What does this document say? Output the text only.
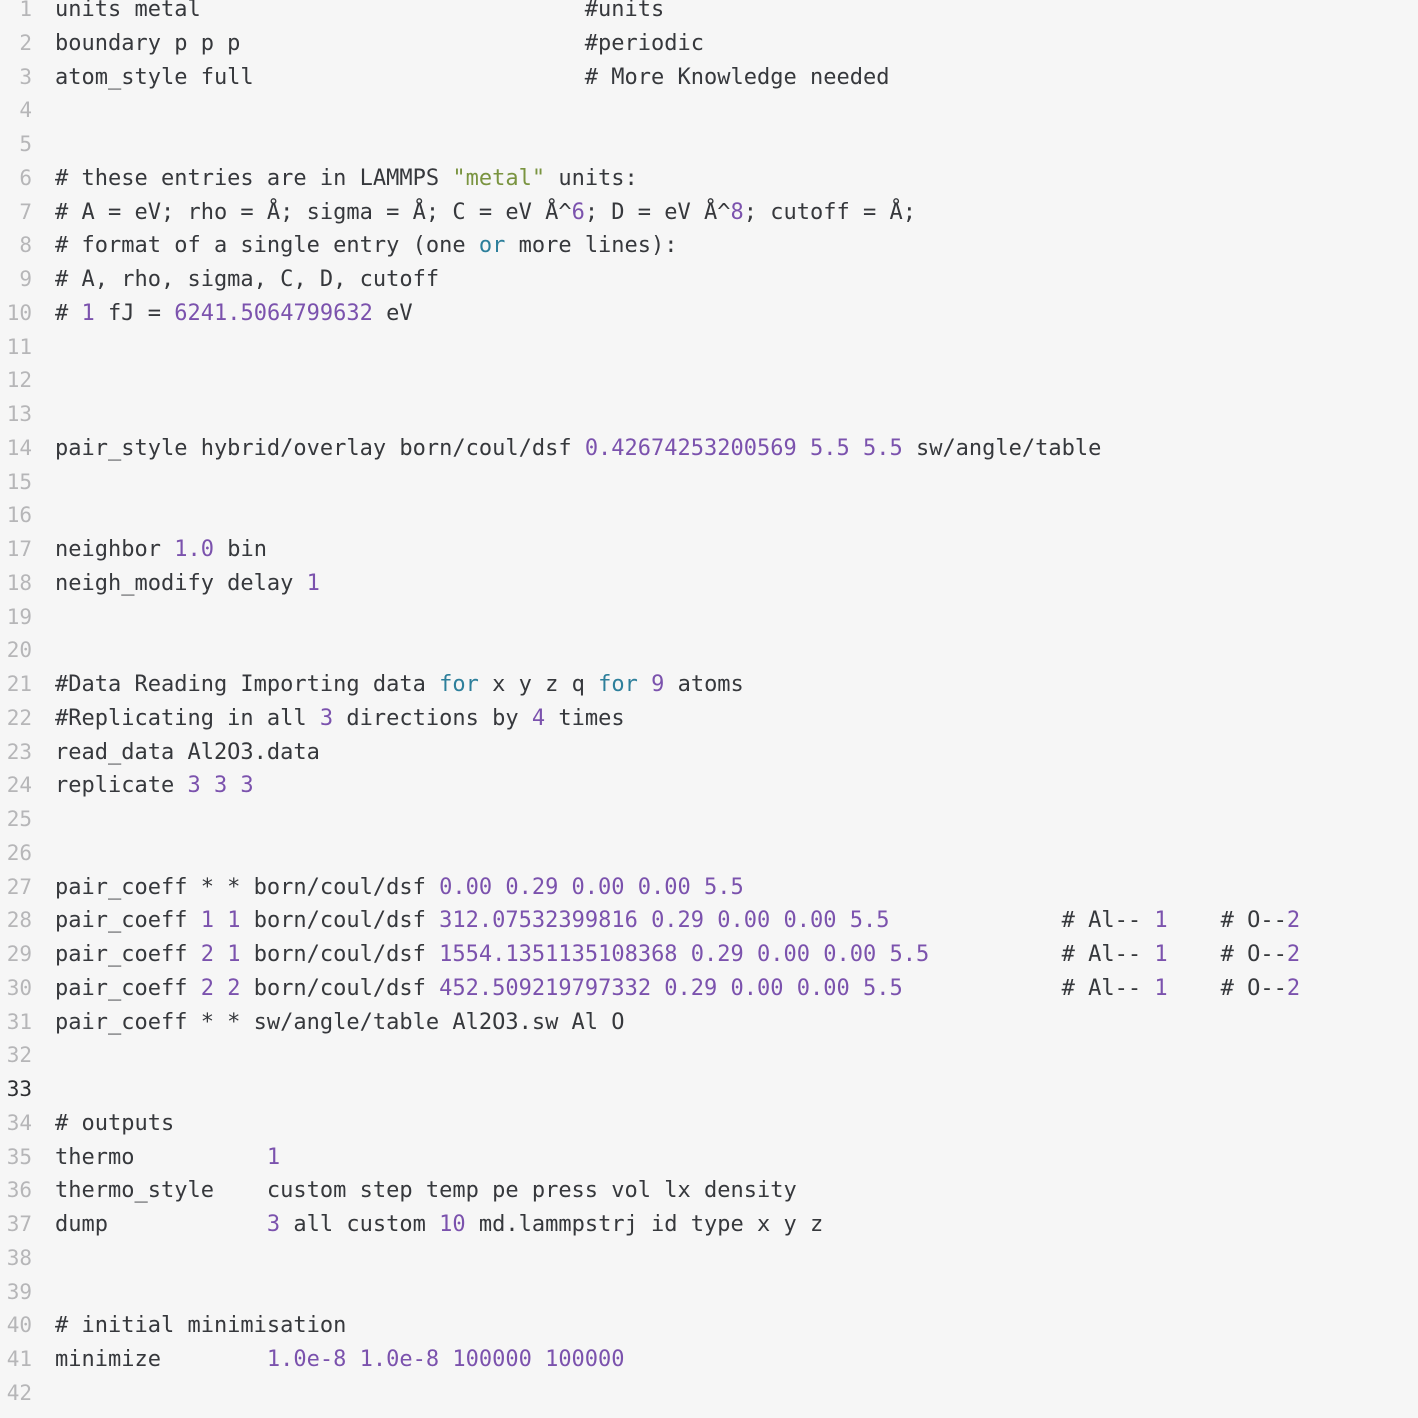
1 units metal                             #units
2 boundary p p p                          #periodic
3 atom_style full                         # More Knowledge needed
4
5
6 # these entries are in LAMMPS "metal" units:
7 # A = eV; rho = Å; sigma = Å; C = eV Å^6; D = eV Å^8; cutoff = Å;
8 # format of a single entry (one or more lines):
9 # A, rho, sigma, C, D, cutoff
10 # 1 fJ = 6241.5064799632 eV
11
12
13
14 pair_style hybrid/overlay born/coul/dsf 0.42674253200569 5.5 5.5 sw/angle/table
15
16
17 neighbor 1.0 bin
18 neigh_modify delay 1
19
20
21 #Data Reading Importing data for x y z q for 9 atoms
22 #Replicating in all 3 directions by 4 times
23 read_data Al2O3.data
24 replicate 3 3 3
25
26
27 pair_coeff * * born/coul/dsf 0.00 0.29 0.00 0.00 5.5
28 pair_coeff 1 1 born/coul/dsf 312.07532399816 0.29 0.00 0.00 5.5             # Al-- 1    # O--2
29 pair_coeff 2 1 born/coul/dsf 1554.1351135108368 0.29 0.00 0.00 5.5          # Al-- 1    # O--2
30 pair_coeff 2 2 born/coul/dsf 452.509219797332 0.29 0.00 0.00 5.5            # Al-- 1    # O--2
31 pair_coeff * * sw/angle/table Al2O3.sw Al O
32
33
34 # outputs
35 thermo          1
36 thermo_style    custom step temp pe press vol lx density
37 dump            3 all custom 10 md.lammpstrj id type x y z
38
39
40 # initial minimisation
41 minimize        1.0e-8 1.0e-8 100000 100000
42
